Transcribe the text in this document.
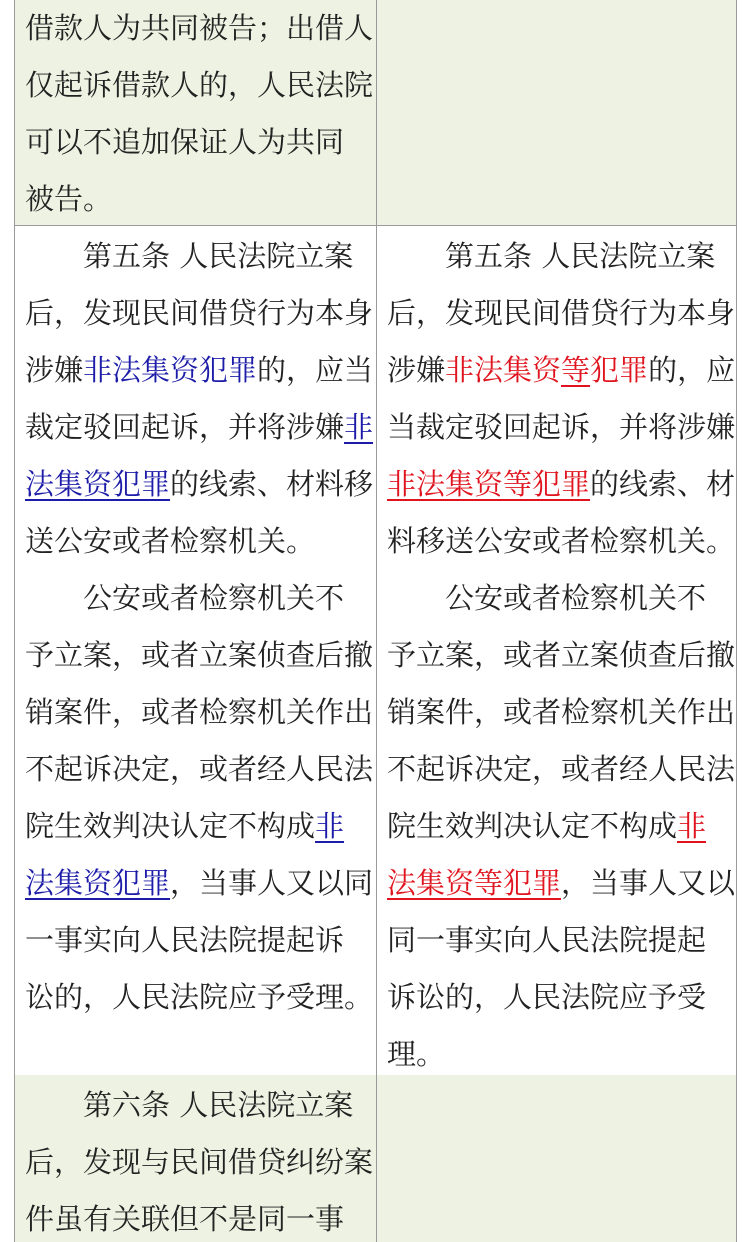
借款人为共同被告；出借人
仅起诉借款人的，人民法院
可以不追加保证人为共同
被告。
第五条 人民法院立案
后，发现民间借贷行为本身
涉嫌非法集资犯罪的，应当
裁定驳回起诉，并将涉嫌非
法集资犯罪的线索、材料移
送公安或者检察机关。
公安或者检察机关不
予立案，或者立案侦查后撤
销案件，或者检察机关作出
不起诉决定，或者经人民法
院生效判决认定不构成非
法集资犯罪，当事人又以同
一事实向人民法院提起诉
讼的，人民法院应予受理。
第五条 人民法院立案
后，发现民间借贷行为本身
涉嫌非法集资等犯罪的，应
当裁定驳回起诉，并将涉嫌
非法集资等犯罪的线索、材
料移送公安或者检察机关。
公安或者检察机关不
予立案，或者立案侦查后撤
销案件，或者检察机关作出
不起诉决定，或者经人民法
院生效判决认定不构成非
法集资等犯罪，当事人又以
同一事实向人民法院提起
诉讼的，人民法院应予受
理。
第六条 人民法院立案
后，发现与民间借贷纠纷案
件虽有关联但不是同一事
